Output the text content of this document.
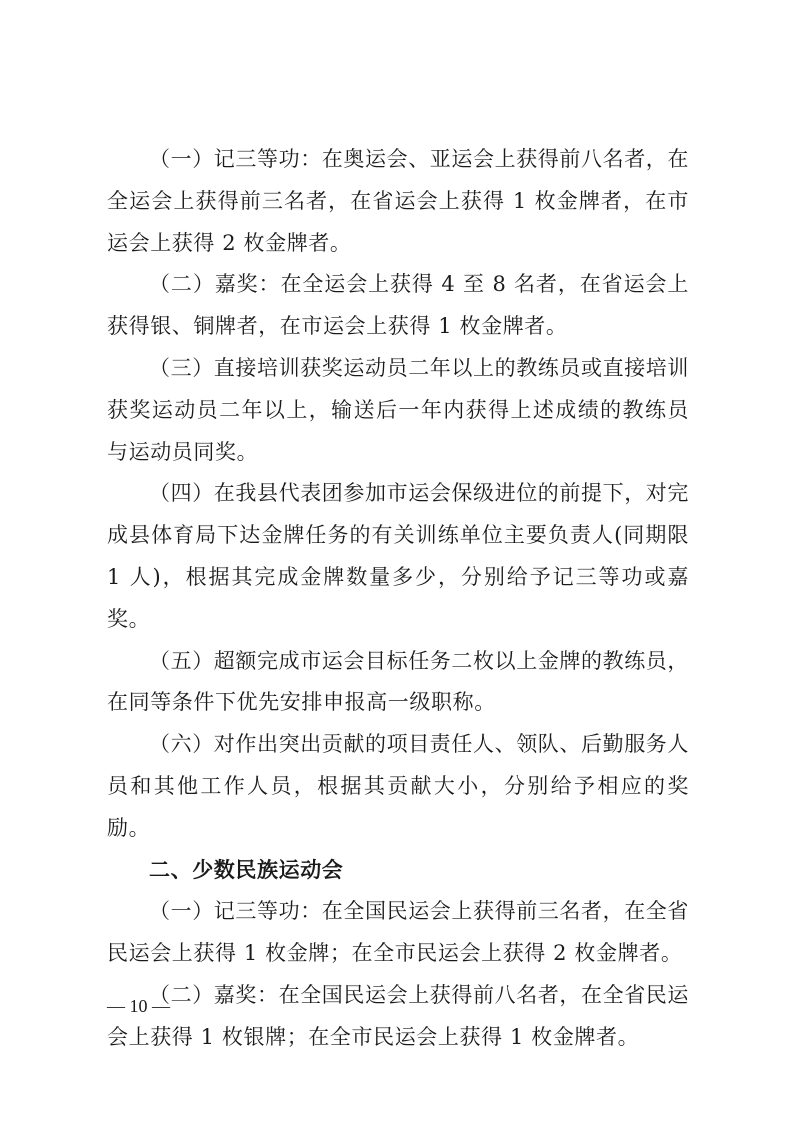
（一）记三等功：在奥运会、亚运会上获得前八名者，在全运会上获得前三名者，在省运会上获得 1 枚金牌者，在市运会上获得 2 枚金牌者。

（二）嘉奖：在全运会上获得 4 至 8 名者，在省运会上获得银、铜牌者，在市运会上获得 1 枚金牌者。

（三）直接培训获奖运动员二年以上的教练员或直接培训获奖运动员二年以上，输送后一年内获得上述成绩的教练员与运动员同奖。

（四）在我县代表团参加市运会保级进位的前提下，对完成县体育局下达金牌任务的有关训练单位主要负责人(同期限 1 人)，根据其完成金牌数量多少，分别给予记三等功或嘉奖。

（五）超额完成市运会目标任务二枚以上金牌的教练员，在同等条件下优先安排申报高一级职称。

（六）对作出突出贡献的项目责任人、领队、后勤服务人员和其他工作人员，根据其贡献大小，分别给予相应的奖励。

二、少数民族运动会

（一）记三等功：在全国民运会上获得前三名者，在全省民运会上获得 1 枚金牌；在全市民运会上获得 2 枚金牌者。

（二）嘉奖：在全国民运会上获得前八名者，在全省民运会上获得 1 枚银牌；在全市民运会上获得 1 枚金牌者。

— 10 —
